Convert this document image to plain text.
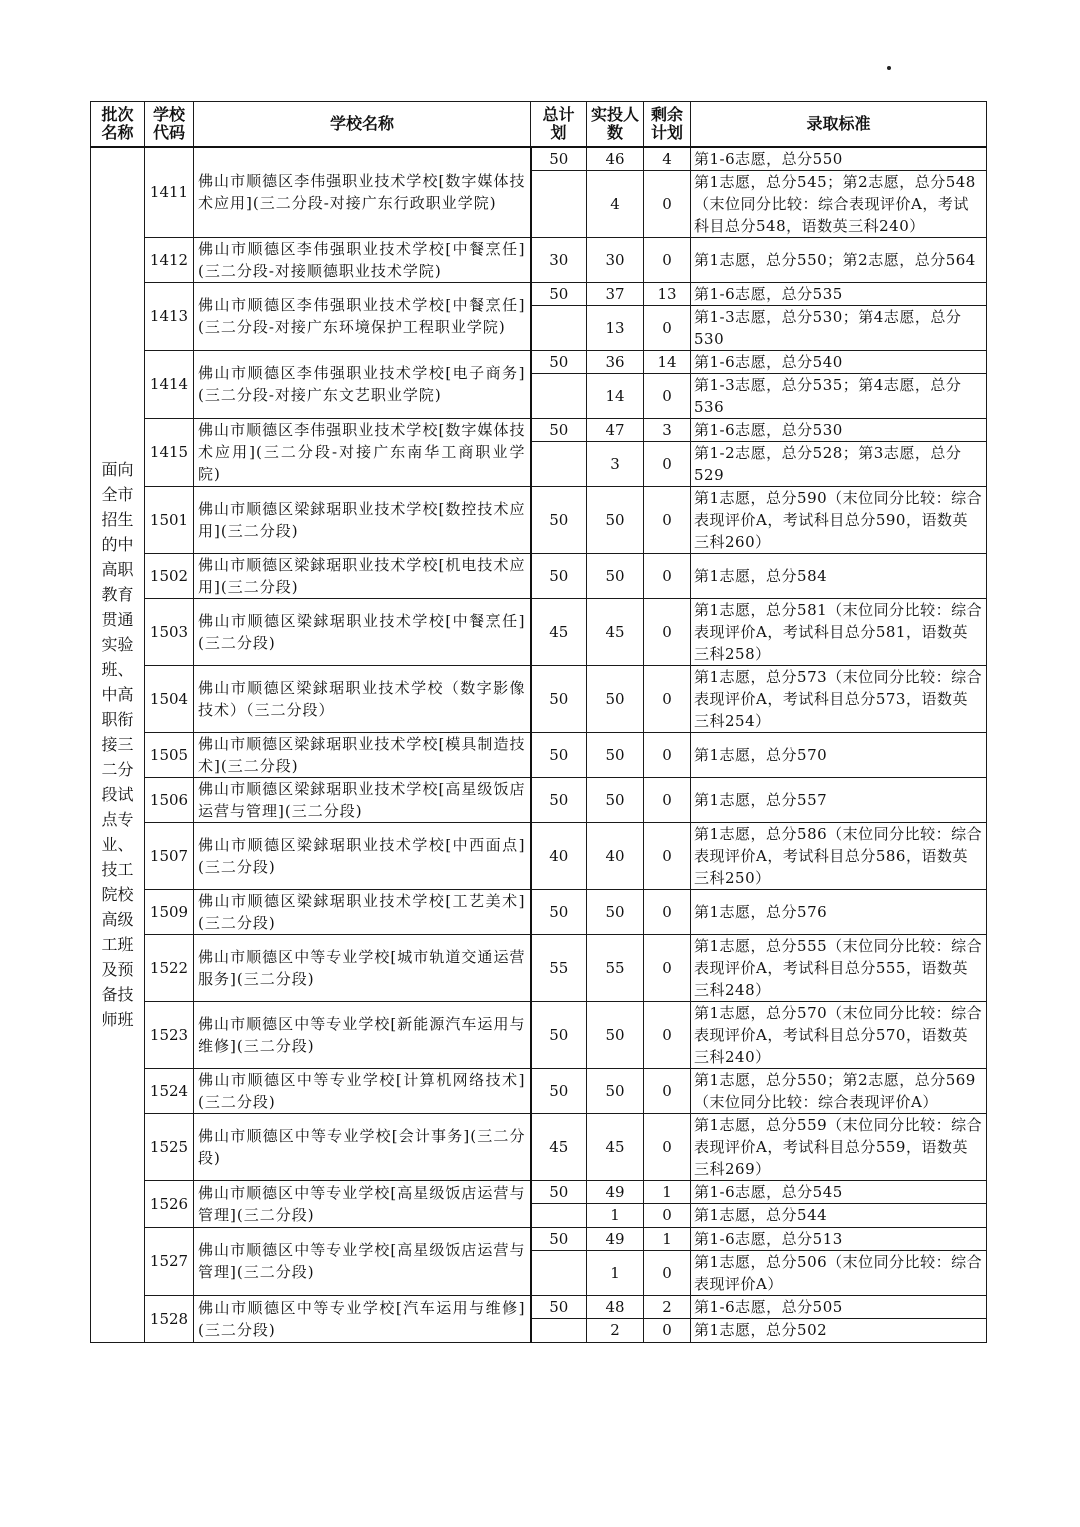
批次名称	学校代码	学校名称	总计划	实投人数	剩余计划	录取标准
面向全市招生的中高职教育贯通实验班、中高职衔接三二分段试点专业、技工院校高级工班及预备技师班	1411	佛山市顺德区李伟强职业技术学校[数字媒体技术应用](三二分段-对接广东行政职业学院)	50	46	4	第1-6志愿，总分550
				4	0	第1志愿，总分545；第2志愿，总分548（末位同分比较：综合表现评价A，考试科目总分548，语数英三科240）
	1412	佛山市顺德区李伟强职业技术学校[中餐烹任](三二分段-对接顺德职业技术学院)	30	30	0	第1志愿，总分550；第2志愿，总分564
	1413	佛山市顺德区李伟强职业技术学校[中餐烹任](三二分段-对接广东环境保护工程职业学院)	50	37	13	第1-6志愿，总分535
				13	0	第1-3志愿，总分530；第4志愿，总分530
	1414	佛山市顺德区李伟强职业技术学校[电子商务](三二分段-对接广东文艺职业学院)	50	36	14	第1-6志愿，总分540
				14	0	第1-3志愿，总分535；第4志愿，总分536
	1415	佛山市顺德区李伟强职业技术学校[数字媒体技术应用](三二分段-对接广东南华工商职业学院)	50	47	3	第1-6志愿，总分530
				3	0	第1-2志愿，总分528；第3志愿，总分529
	1501	佛山市顺德区梁銶琚职业技术学校[数控技术应用](三二分段)	50	50	0	第1志愿，总分590（末位同分比较：综合表现评价A，考试科目总分590，语数英三科260）
	1502	佛山市顺德区梁銶琚职业技术学校[机电技术应用](三二分段)	50	50	0	第1志愿，总分584
	1503	佛山市顺德区梁銶琚职业技术学校[中餐烹任](三二分段)	45	45	0	第1志愿，总分581（末位同分比较：综合表现评价A，考试科目总分581，语数英三科258）
	1504	佛山市顺德区梁銶琚职业技术学校（数字影像技术）（三二分段）	50	50	0	第1志愿，总分573（末位同分比较：综合表现评价A，考试科目总分573，语数英三科254）
	1505	佛山市顺德区梁銶琚职业技术学校[模具制造技术](三二分段)	50	50	0	第1志愿，总分570
	1506	佛山市顺德区梁銶琚职业技术学校[高星级饭店运营与管理](三二分段)	50	50	0	第1志愿，总分557
	1507	佛山市顺德区梁銶琚职业技术学校[中西面点](三二分段)	40	40	0	第1志愿，总分586（末位同分比较：综合表现评价A，考试科目总分586，语数英三科250）
	1509	佛山市顺德区梁銶琚职业技术学校[工艺美术](三二分段)	50	50	0	第1志愿，总分576
	1522	佛山市顺德区中等专业学校[城市轨道交通运营服务](三二分段)	55	55	0	第1志愿，总分555（末位同分比较：综合表现评价A，考试科目总分555，语数英三科248）
	1523	佛山市顺德区中等专业学校[新能源汽车运用与维修](三二分段)	50	50	0	第1志愿，总分570（末位同分比较：综合表现评价A，考试科目总分570，语数英三科240）
	1524	佛山市顺德区中等专业学校[计算机网络技术](三二分段)	50	50	0	第1志愿，总分550；第2志愿，总分569（末位同分比较：综合表现评价A）
	1525	佛山市顺德区中等专业学校[会计事务](三二分段)	45	45	0	第1志愿，总分559（末位同分比较：综合表现评价A，考试科目总分559，语数英三科269）
	1526	佛山市顺德区中等专业学校[高星级饭店运营与管理](三二分段)	50	49	1	第1-6志愿，总分545
				1	0	第1志愿，总分544
	1527	佛山市顺德区中等专业学校[高星级饭店运营与管理](三二分段)	50	49	1	第1-6志愿，总分513
				1	0	第1志愿，总分506（末位同分比较：综合表现评价A）
	1528	佛山市顺德区中等专业学校[汽车运用与维修](三二分段)	50	48	2	第1-6志愿，总分505
				2	0	第1志愿，总分502
